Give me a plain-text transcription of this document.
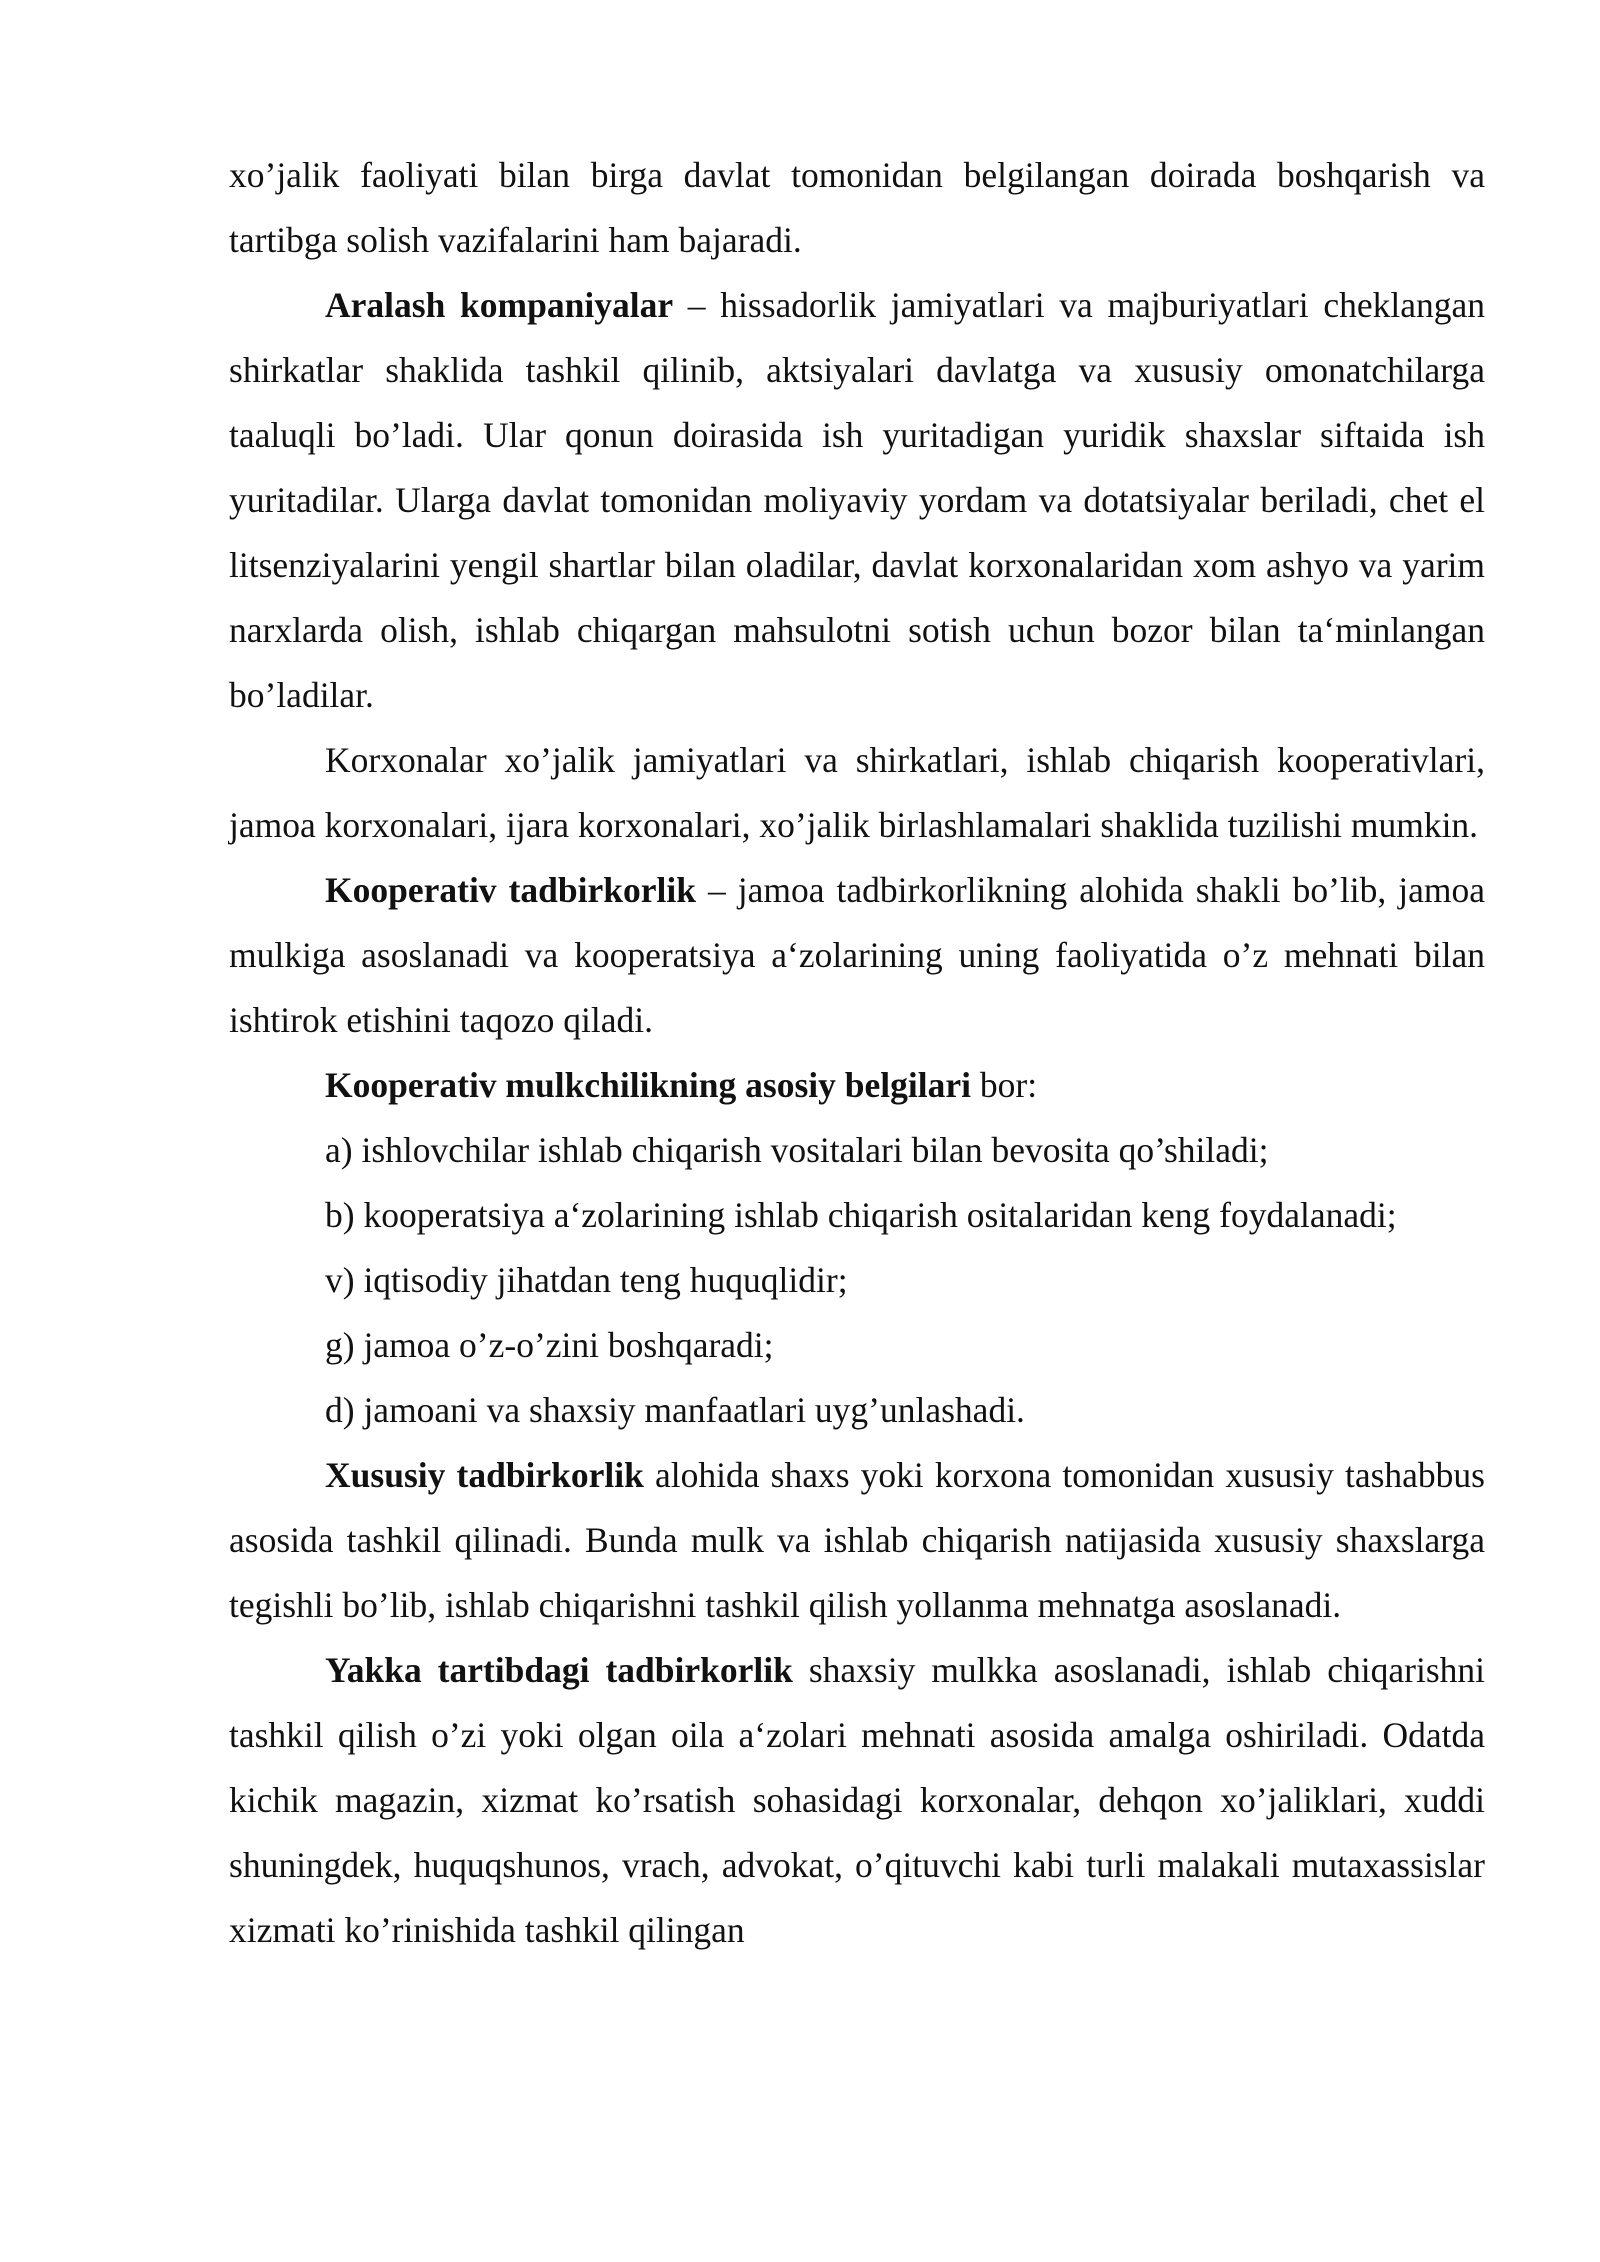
xo’jalik faoliyati bilan birga davlat tomonidan belgilangan doirada boshqarish va tartibga solish vazifalarini ham bajaradi.

Aralash kompaniyalar – hissadorlik jamiyatlari va majburiyatlari cheklangan shirkatlar shaklida tashkil qilinib, aktsiyalari davlatga va xususiy omonatchilarga taaluqli bo’ladi. Ular qonun doirasida ish yuritadigan yuridik shaxslar siftaida ish yuritadilar. Ularga davlat tomonidan moliyaviy yordam va dotatsiyalar beriladi, chet el litsenziyalarini yengil shartlar bilan oladilar, davlat korxonalaridan xom ashyo va yarim narxlarda olish, ishlab chiqargan mahsulotni sotish uchun bozor bilan ta‘minlangan bo’ladilar.

Korxonalar xo’jalik jamiyatlari va shirkatlari, ishlab chiqarish kooperativlari, jamoa korxonalari, ijara korxonalari, xo’jalik birlashlamalari shaklida tuzilishi mumkin.

Kooperativ tadbirkorlik – jamoa tadbirkorlikning alohida shakli bo’lib, jamoa mulkiga asoslanadi va kooperatsiya a‘zolarining uning faoliyatida o’z mehnati bilan ishtirok etishini taqozo qiladi.

Kooperativ mulkchilikning asosiy belgilari bor:

a) ishlovchilar ishlab chiqarish vositalari bilan bevosita qo’shiladi;

b) kooperatsiya a‘zolarining ishlab chiqarish ositalaridan keng foydalanadi;

v) iqtisodiy jihatdan teng huquqlidir;

g) jamoa o’z-o’zini boshqaradi;

d) jamoani va shaxsiy manfaatlari uyg’unlashadi.

Xususiy tadbirkorlik alohida shaxs yoki korxona tomonidan xususiy tashabbus asosida tashkil qilinadi. Bunda mulk va ishlab chiqarish natijasida xususiy shaxslarga tegishli bo’lib, ishlab chiqarishni tashkil qilish yollanma mehnatga asoslanadi.

Yakka tartibdagi tadbirkorlik shaxsiy mulkka asoslanadi, ishlab chiqarishni tashkil qilish o’zi yoki olgan oila a‘zolari mehnati asosida amalga oshiriladi. Odatda kichik magazin, xizmat ko’rsatish sohasidagi korxonalar, dehqon xo’jaliklari, xuddi shuningdek, huquqshunos, vrach, advokat, o’qituvchi kabi turli malakali mutaxassislar xizmati ko’rinishida tashkil qilingan
